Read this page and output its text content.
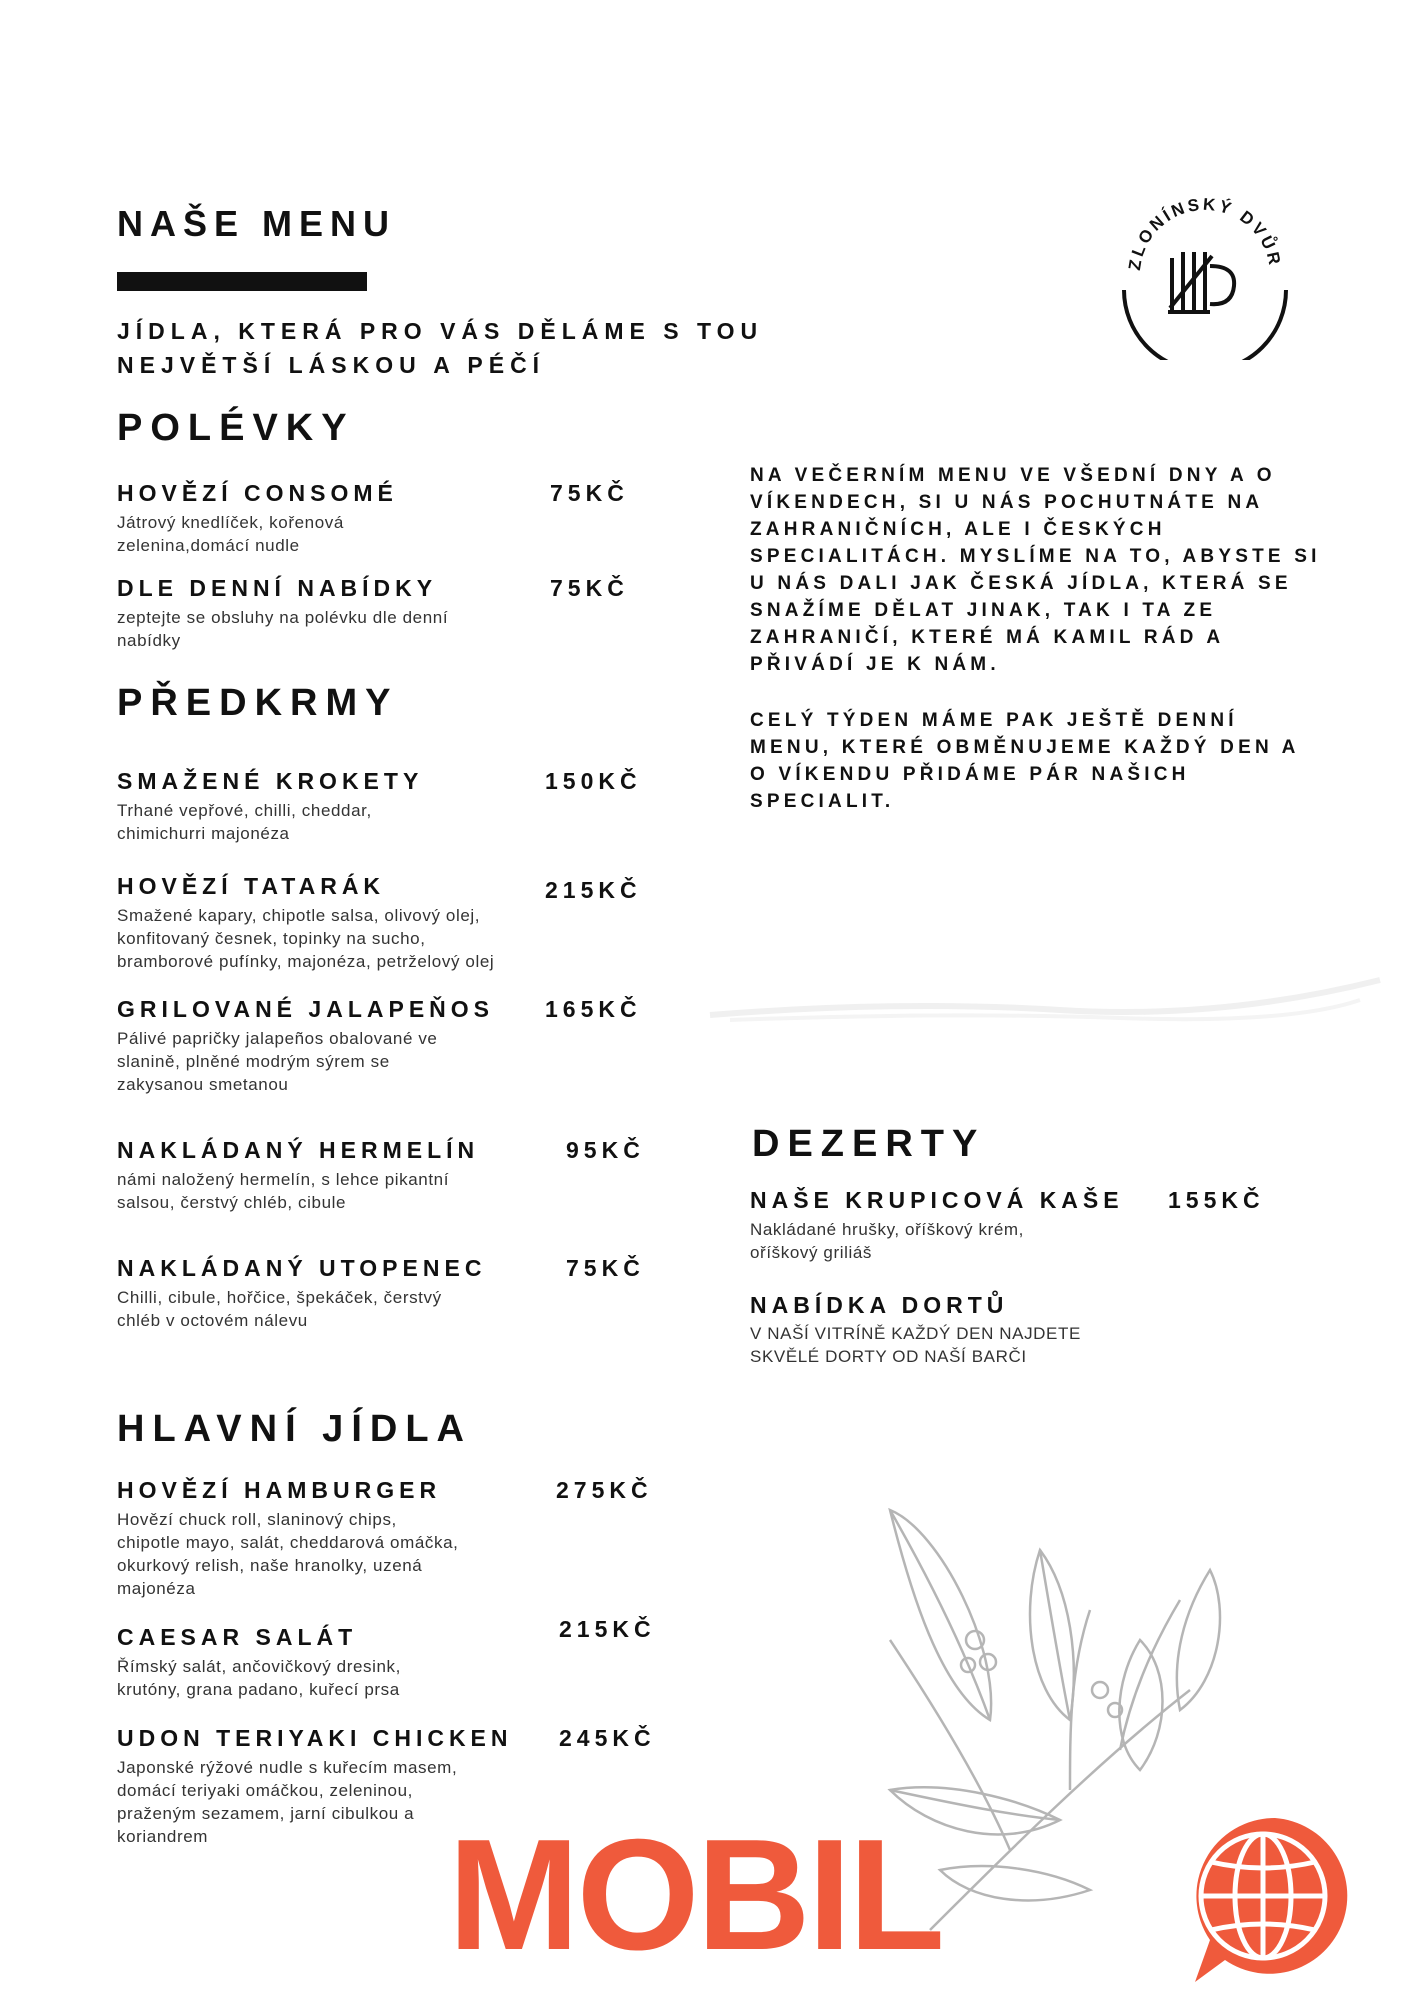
NAŠE MENU
JÍDLA, KTERÁ PRO VÁS DĚLÁME S TOU
NEJVĚTŠÍ LÁSKOU A PÉČÍ
ZLONÍNSKÝ DVŮR
POLÉVKY
HOVĚZÍ CONSOMÉ	75KČ
Játrový knedlíček, kořenová
zelenina,domácí nudle
DLE DENNÍ NABÍDKY	75KČ
zeptejte se obsluhy na polévku dle denní
nabídky
PŘEDKRMY
SMAŽENÉ KROKETY	150KČ
Trhané vepřové, chilli, cheddar,
chimichurri majonéza
HOVĚZÍ TATARÁK	215KČ
Smažené kapary, chipotle salsa, olivový olej,
konfitovaný česnek, topinky na sucho,
bramborové pufínky, majonéza, petrželový olej
GRILOVANÉ JALAPEŇOS 165KČ
Pálivé papričky jalapeños obalované ve
slanině, plněné modrým sýrem se
zakysanou smetanou
NAKLÁDANÝ HERMELÍN	95KČ
námi naložený hermelín, s lehce pikantní
salsou, čerstvý chléb, cibule
NAKLÁDANÝ UTOPENEC	75KČ
Chilli, cibule, hořčice, špekáček, čerstvý
chléb v octovém nálevu
HLAVNÍ JÍDLA
HOVĚZÍ HAMBURGER	275KČ
Hovězí chuck roll, slaninový chips,
chipotle mayo, salát, cheddarová omáčka,
okurkový relish, naše hranolky, uzená
majonéza
CAESAR SALÁT	215KČ
Římský salát, ančovičkový dresink,
krutóny, grana padano, kuřecí prsa
UDON TERIYAKI CHICKEN 245KČ
Japonské rýžové nudle s kuřecím masem,
domácí teriyaki omáčkou, zeleninou,
praženým sezamem, jarní cibulkou a
koriandrem
NA VEČERNÍM MENU VE VŠEDNÍ DNY A O
VÍKENDECH, SI U NÁS POCHUTNÁTE NA
ZAHRANIČNÍCH, ALE I ČESKÝCH
SPECIALITÁCH. MYSLÍME NA TO, ABYSTE SI
U NÁS DALI JAK ČESKÁ JÍDLA, KTERÁ SE
SNAŽÍME DĚLAT JINAK, TAK I TA ZE
ZAHRANIČÍ, KTERÉ MÁ KAMIL RÁD A
PŘIVÁDÍ JE K NÁM.
CELÝ TÝDEN MÁME PAK JEŠTĚ DENNÍ
MENU, KTERÉ OBMĚNUJEME KAŽDÝ DEN A
O VÍKENDU PŘIDÁME PÁR NAŠICH
SPECIALIT.
DEZERTY
NAŠE KRUPICOVÁ KAŠE 155KČ
Nakládané hrušky, oříškový krém,
oříškový griliáš
NABÍDKA DORTŮ
V NAŠÍ VITRÍNĚ KAŽDÝ DEN NAJDETE
SKVĚLÉ DORTY OD NAŠÍ BARČI
MOBIL
